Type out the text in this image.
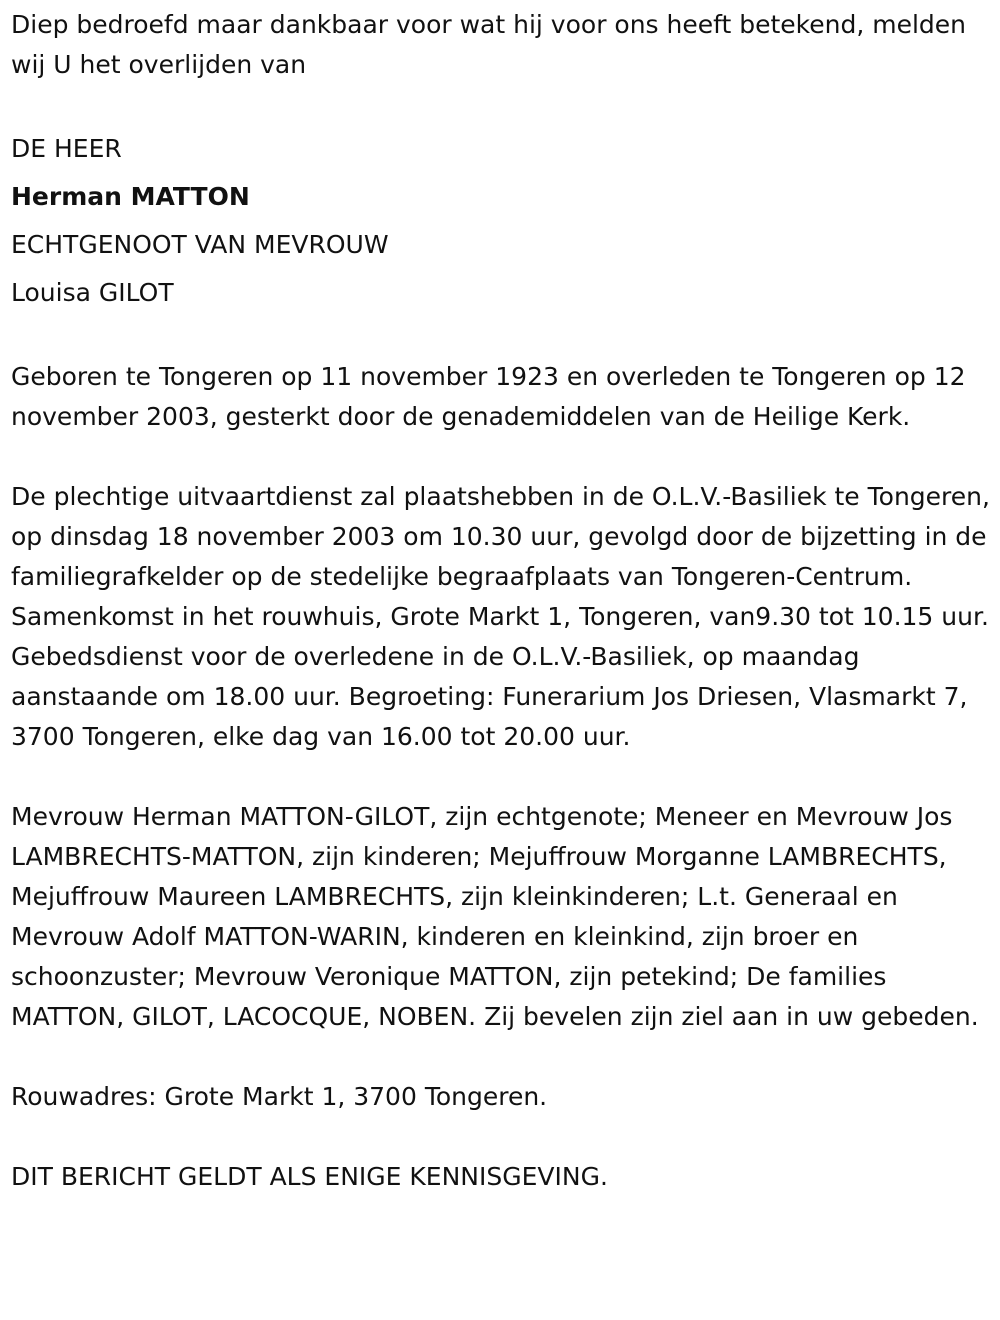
Diep bedroefd maar dankbaar voor wat hij voor ons heeft betekend, melden wij U het overlijden van

DE HEER
Herman MATTON
ECHTGENOOT VAN MEVROUW
Louisa GILOT

Geboren te Tongeren op 11 november 1923 en overleden te Tongeren op 12 november 2003, gesterkt door de genademiddelen van de Heilige Kerk.

De plechtige uitvaartdienst zal plaatshebben in de O.L.V.-Basiliek te Tongeren, op dinsdag 18 november 2003 om 10.30 uur, gevolgd door de bijzetting in de familiegrafkelder op de stedelijke begraafplaats van Tongeren-Centrum. Samenkomst in het rouwhuis, Grote Markt 1, Tongeren, van9.30 tot 10.15 uur. Gebedsdienst voor de overledene in de O.L.V.-Basiliek, op maandag aanstaande om 18.00 uur. Begroeting: Funerarium Jos Driesen, Vlasmarkt 7, 3700 Tongeren, elke dag van 16.00 tot 20.00 uur.

Mevrouw Herman MATTON-GILOT, zijn echtgenote; Meneer en Mevrouw Jos LAMBRECHTS-MATTON, zijn kinderen; Mejuffrouw Morganne LAMBRECHTS, Mejuffrouw Maureen LAMBRECHTS, zijn kleinkinderen; L.t. Generaal en Mevrouw Adolf MATTON-WARIN, kinderen en kleinkind, zijn broer en schoonzuster; Mevrouw Veronique MATTON, zijn petekind; De families MATTON, GILOT, LACOCQUE, NOBEN. Zij bevelen zijn ziel aan in uw gebeden.

Rouwadres: Grote Markt 1, 3700 Tongeren.

DIT BERICHT GELDT ALS ENIGE KENNISGEVING.
